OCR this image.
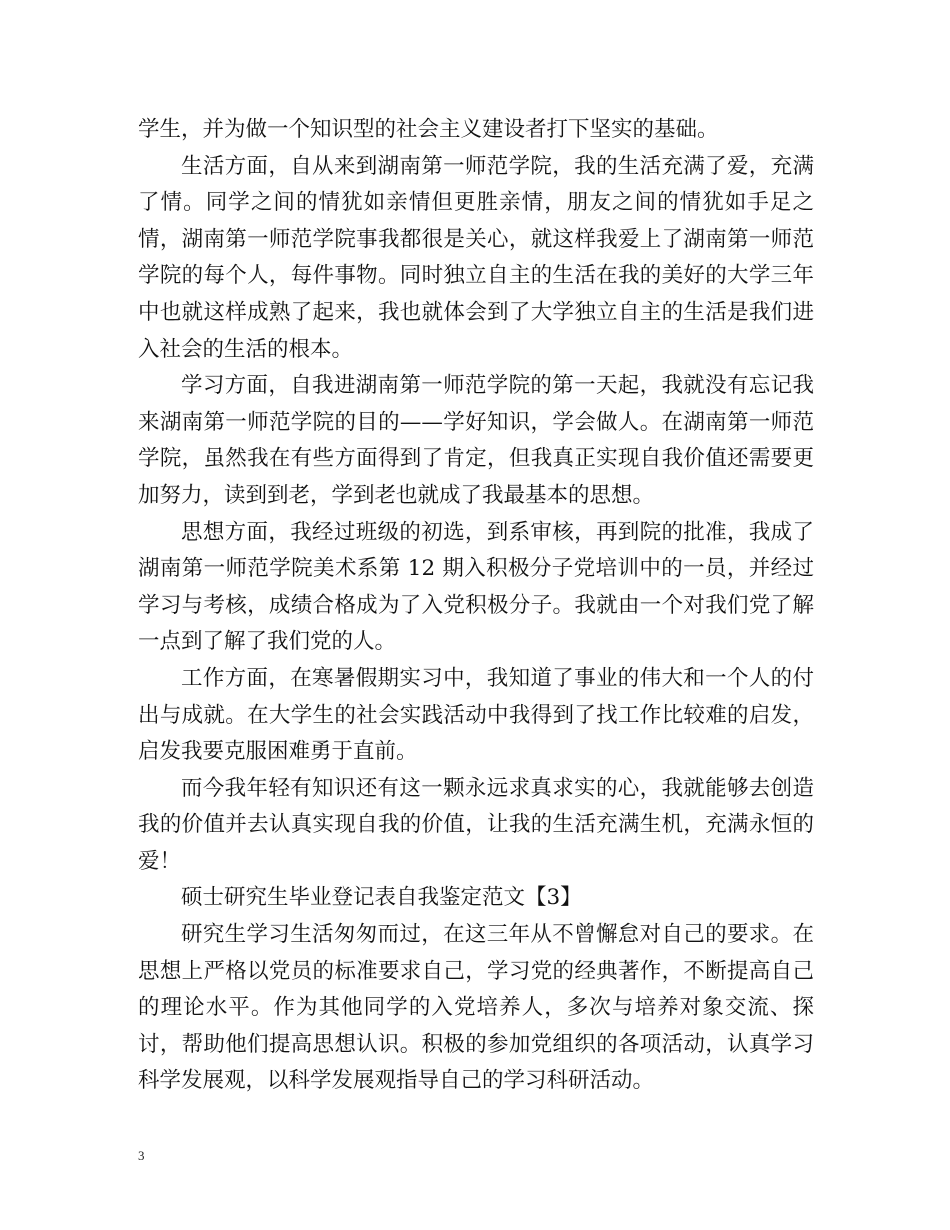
学生，并为做一个知识型的社会主义建设者打下坚实的基础。

生活方面，自从来到湖南第一师范学院，我的生活充满了爱，充满了情。同学之间的情犹如亲情但更胜亲情，朋友之间的情犹如手足之情，湖南第一师范学院事我都很是关心，就这样我爱上了湖南第一师范学院的每个人，每件事物。同时独立自主的生活在我的美好的大学三年中也就这样成熟了起来，我也就体会到了大学独立自主的生活是我们进入社会的生活的根本。

学习方面，自我进湖南第一师范学院的第一天起，我就没有忘记我来湖南第一师范学院的目的——学好知识，学会做人。在湖南第一师范学院，虽然我在有些方面得到了肯定，但我真正实现自我价值还需要更加努力，读到到老，学到老也就成了我最基本的思想。

思想方面，我经过班级的初选，到系审核，再到院的批准，我成了湖南第一师范学院美术系第 12 期入积极分子党培训中的一员，并经过学习与考核，成绩合格成为了入党积极分子。我就由一个对我们党了解一点到了解了我们党的人。

工作方面，在寒暑假期实习中，我知道了事业的伟大和一个人的付出与成就。在大学生的社会实践活动中我得到了找工作比较难的启发，启发我要克服困难勇于直前。

而今我年轻有知识还有这一颗永远求真求实的心，我就能够去创造我的价值并去认真实现自我的价值，让我的生活充满生机，充满永恒的爱！

硕士研究生毕业登记表自我鉴定范文【3】

研究生学习生活匆匆而过，在这三年从不曾懈怠对自己的要求。在思想上严格以党员的标准要求自己，学习党的经典著作，不断提高自己的理论水平。作为其他同学的入党培养人，多次与培养对象交流、探讨，帮助他们提高思想认识。积极的参加党组织的各项活动，认真学习科学发展观，以科学发展观指导自己的学习科研活动。

3
